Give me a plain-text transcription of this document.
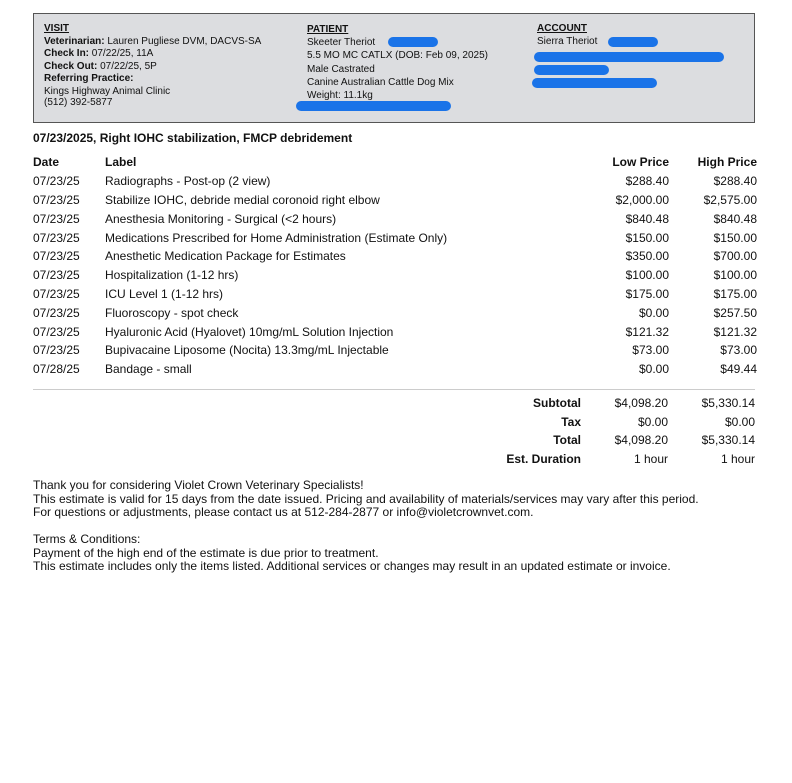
VISIT
Veterinarian: Lauren Pugliese DVM, DACVS-SA
Check In: 07/22/25, 11A
Check Out: 07/22/25, 5P
Referring Practice:
Kings Highway Animal Clinic
(512) 392-5877
PATIENT
Skeeter Theriot
5.5 MO MC CATLX (DOB: Feb 09, 2025)
Male Castrated
Canine Australian Cattle Dog Mix
Weight: 11.1kg
ACCOUNT
Sierra Theriot
07/23/2025, Right IOHC stabilization, FMCP debridement
Date	Label	Low Price	High Price
07/23/25	Radiographs - Post-op (2 view)	$288.40	$288.40
07/23/25	Stabilize IOHC, debride medial coronoid right elbow	$2,000.00	$2,575.00
07/23/25	Anesthesia Monitoring - Surgical (<2 hours)	$840.48	$840.48
07/23/25	Medications Prescribed for Home Administration (Estimate Only)	$150.00	$150.00
07/23/25	Anesthetic Medication Package for Estimates	$350.00	$700.00
07/23/25	Hospitalization (1-12 hrs)	$100.00	$100.00
07/23/25	ICU Level 1 (1-12 hrs)	$175.00	$175.00
07/23/25	Fluoroscopy - spot check	$0.00	$257.50
07/23/25	Hyaluronic Acid (Hyalovet) 10mg/mL Solution Injection	$121.32	$121.32
07/23/25	Bupivacaine Liposome (Nocita) 13.3mg/mL Injectable	$73.00	$73.00
07/28/25	Bandage - small	$0.00	$49.44
Subtotal	$4,098.20	$5,330.14
Tax	$0.00	$0.00
Total	$4,098.20	$5,330.14
Est. Duration	1 hour	1 hour
Thank you for considering Violet Crown Veterinary Specialists!
This estimate is valid for 15 days from the date issued. Pricing and availability of materials/services may vary after this period.
For questions or adjustments, please contact us at 512-284-2877 or info@violetcrownvet.com.
Terms & Conditions:
Payment of the high end of the estimate is due prior to treatment.
This estimate includes only the items listed. Additional services or changes may result in an updated estimate or invoice.
